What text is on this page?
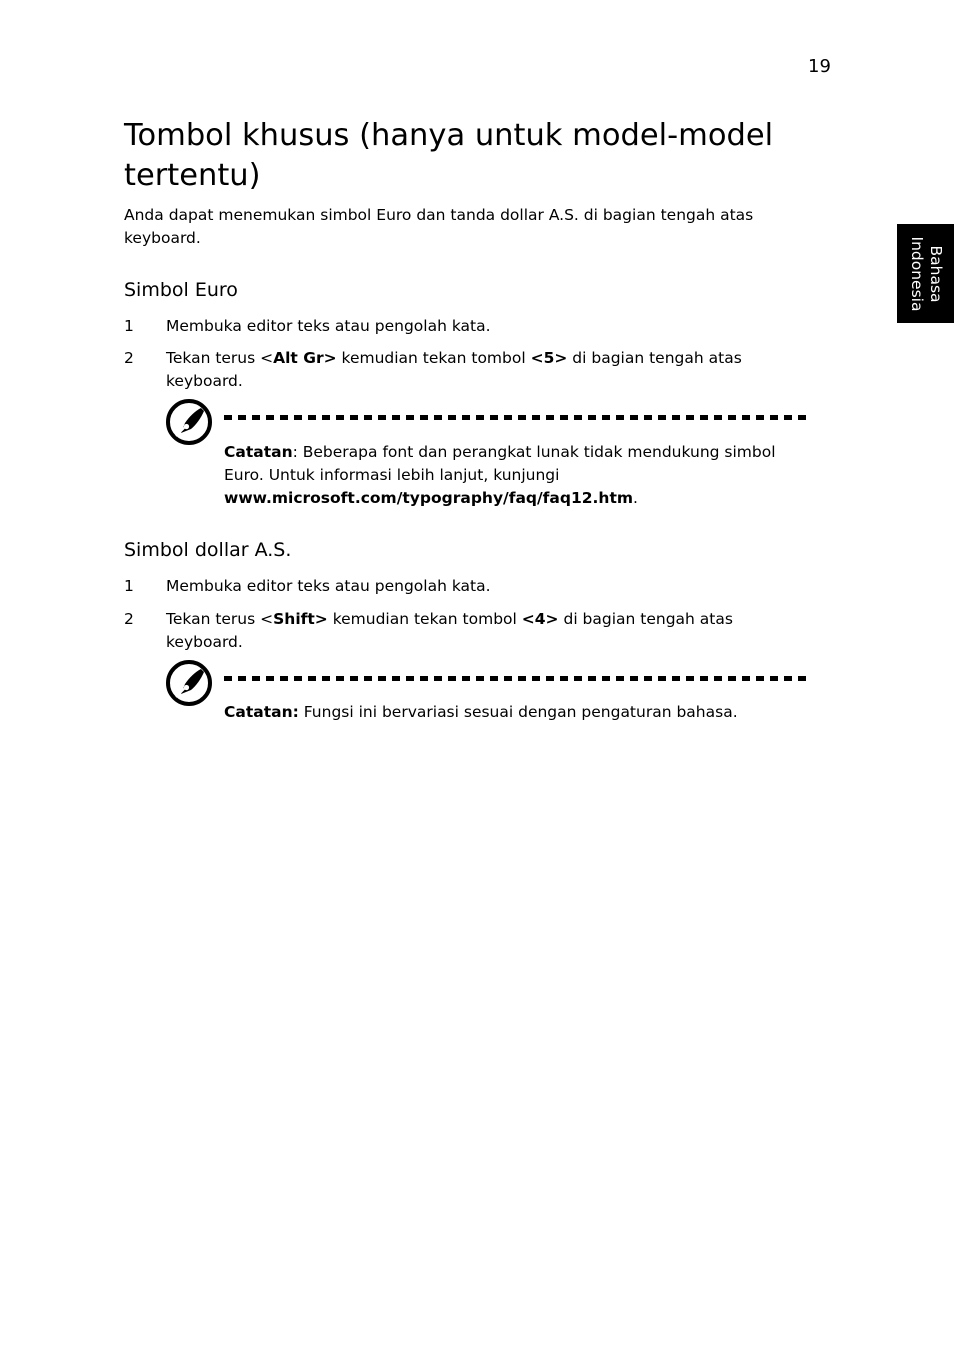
19
Bahasa
Indonesia
Tombol khusus (hanya untuk model-model tertentu)

Anda dapat menemukan simbol Euro dan tanda dollar A.S. di bagian tengah atas keyboard.

Simbol Euro
1 Membuka editor teks atau pengolah kata.
2 Tekan terus <Alt Gr> kemudian tekan tombol <5> di bagian tengah atas keyboard.
Catatan: Beberapa font dan perangkat lunak tidak mendukung simbol Euro. Untuk informasi lebih lanjut, kunjungi www.microsoft.com/typography/faq/faq12.htm.
Simbol dollar A.S.
1 Membuka editor teks atau pengolah kata.
2 Tekan terus <Shift> kemudian tekan tombol <4> di bagian tengah atas keyboard.
Catatan: Fungsi ini bervariasi sesuai dengan pengaturan bahasa.
